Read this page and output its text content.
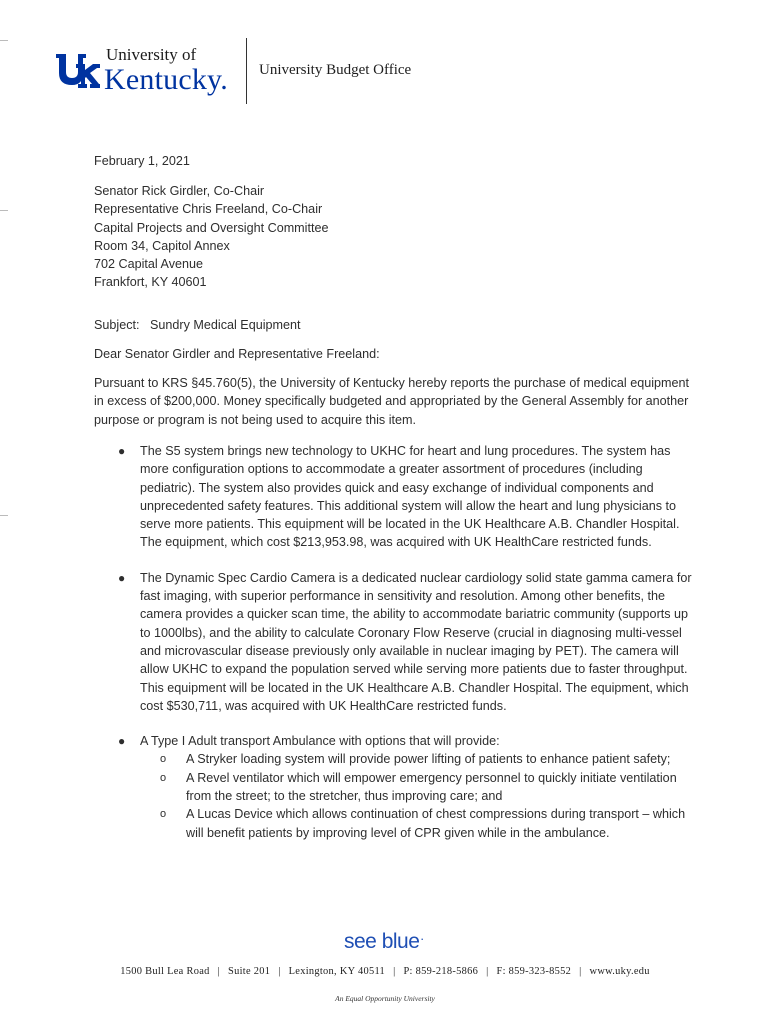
University of
Kentucky.	University Budget Office
February 1, 2021
Senator Rick Girdler, Co-Chair
Representative Chris Freeland, Co-Chair
Capital Projects and Oversight Committee
Room 34, Capitol Annex
702 Capital Avenue
Frankfort, KY 40601
Subject:   Sundry Medical Equipment
Dear Senator Girdler and Representative Freeland:
Pursuant to KRS §45.760(5), the University of Kentucky hereby reports the purchase of medical equipment in excess of $200,000. Money specifically budgeted and appropriated by the General Assembly for another purpose or program is not being used to acquire this item.
● The S5 system brings new technology to UKHC for heart and lung procedures. The system has more configuration options to accommodate a greater assortment of procedures (including pediatric). The system also provides quick and easy exchange of individual components and unprecedented safety features. This additional system will allow the heart and lung physicians to serve more patients. This equipment will be located in the UK Healthcare A.B. Chandler Hospital. The equipment, which cost $213,953.98, was acquired with UK HealthCare restricted funds.
● The Dynamic Spec Cardio Camera is a dedicated nuclear cardiology solid state gamma camera for fast imaging, with superior performance in sensitivity and resolution. Among other benefits, the camera provides a quicker scan time, the ability to accommodate bariatric community (supports up to 1000lbs), and the ability to calculate Coronary Flow Reserve (crucial in diagnosing multi-vessel and microvascular disease previously only available in nuclear imaging by PET). The camera will allow UKHC to expand the population served while serving more patients due to faster throughput. This equipment will be located in the UK Healthcare A.B. Chandler Hospital. The equipment, which cost $530,711, was acquired with UK HealthCare restricted funds.
● A Type I Adult transport Ambulance with options that will provide:
o A Stryker loading system will provide power lifting of patients to enhance patient safety;
o A Revel ventilator which will empower emergency personnel to quickly initiate ventilation from the street; to the stretcher, thus improving care; and
o A Lucas Device which allows continuation of chest compressions during transport – which will benefit patients by improving level of CPR given while in the ambulance.
see blue.
1500 Bull Lea Road | Suite 201 | Lexington, KY 40511 | P: 859-218-5866 | F: 859-323-8552 | www.uky.edu
An Equal Opportunity University
